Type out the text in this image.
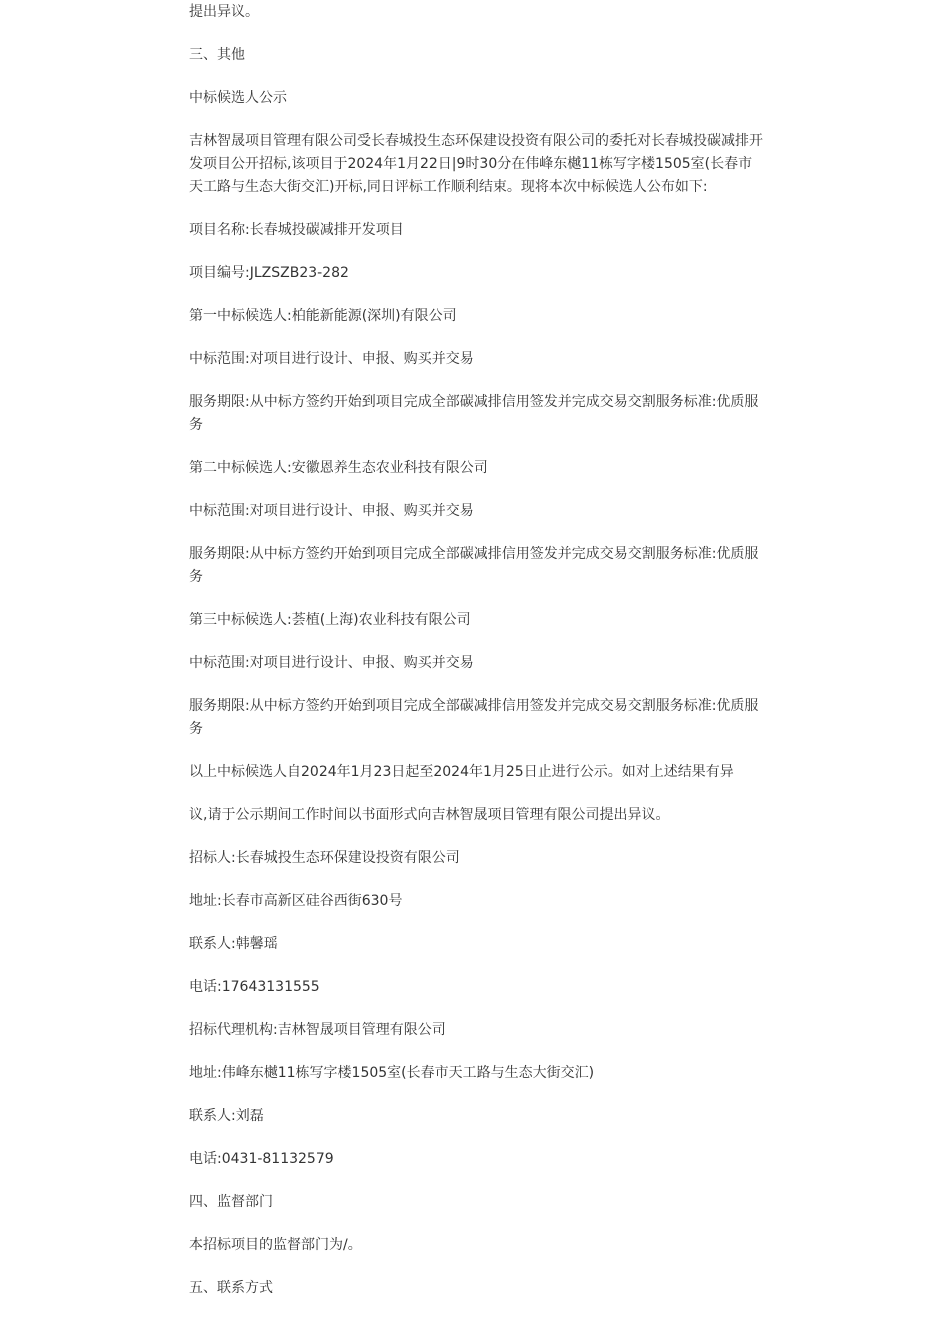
提出异议。

三、其他

中标候选人公示

吉林智晟项目管理有限公司受长春城投生态环保建设投资有限公司的委托对长春城投碳减排开发项目公开招标,该项目于2024年1月22日|9时30分在伟峰东樾11栋写字楼1505室(长春市天工路与生态大街交汇)开标,同日评标工作顺利结束。现将本次中标候选人公布如下:

项目名称:长春城投碳减排开发项目

项目编号:JLZSZB23-282

第一中标候选人:柏能新能源(深圳)有限公司

中标范围:对项目进行设计、申报、购买并交易

服务期限:从中标方签约开始到项目完成全部碳减排信用签发并完成交易交割服务标准:优质服务

第二中标候选人:安徽恩养生态农业科技有限公司

中标范围:对项目进行设计、申报、购买并交易

服务期限:从中标方签约开始到项目完成全部碳减排信用签发并完成交易交割服务标准:优质服务

第三中标候选人:荟植(上海)农业科技有限公司

中标范围:对项目进行设计、申报、购买并交易

服务期限:从中标方签约开始到项目完成全部碳减排信用签发并完成交易交割服务标准:优质服务

以上中标候选人自2024年1月23日起至2024年1月25日止进行公示。如对上述结果有异

议,请于公示期间工作时间以书面形式向吉林智晟项目管理有限公司提出异议。

招标人:长春城投生态环保建设投资有限公司

地址:长春市高新区硅谷西街630号

联系人:韩馨瑶

电话:17643131555

招标代理机构:吉林智晟项目管理有限公司

地址:伟峰东樾11栋写字楼1505室(长春市天工路与生态大街交汇)

联系人:刘磊

电话:0431-81132579

四、监督部门

本招标项目的监督部门为/。

五、联系方式
